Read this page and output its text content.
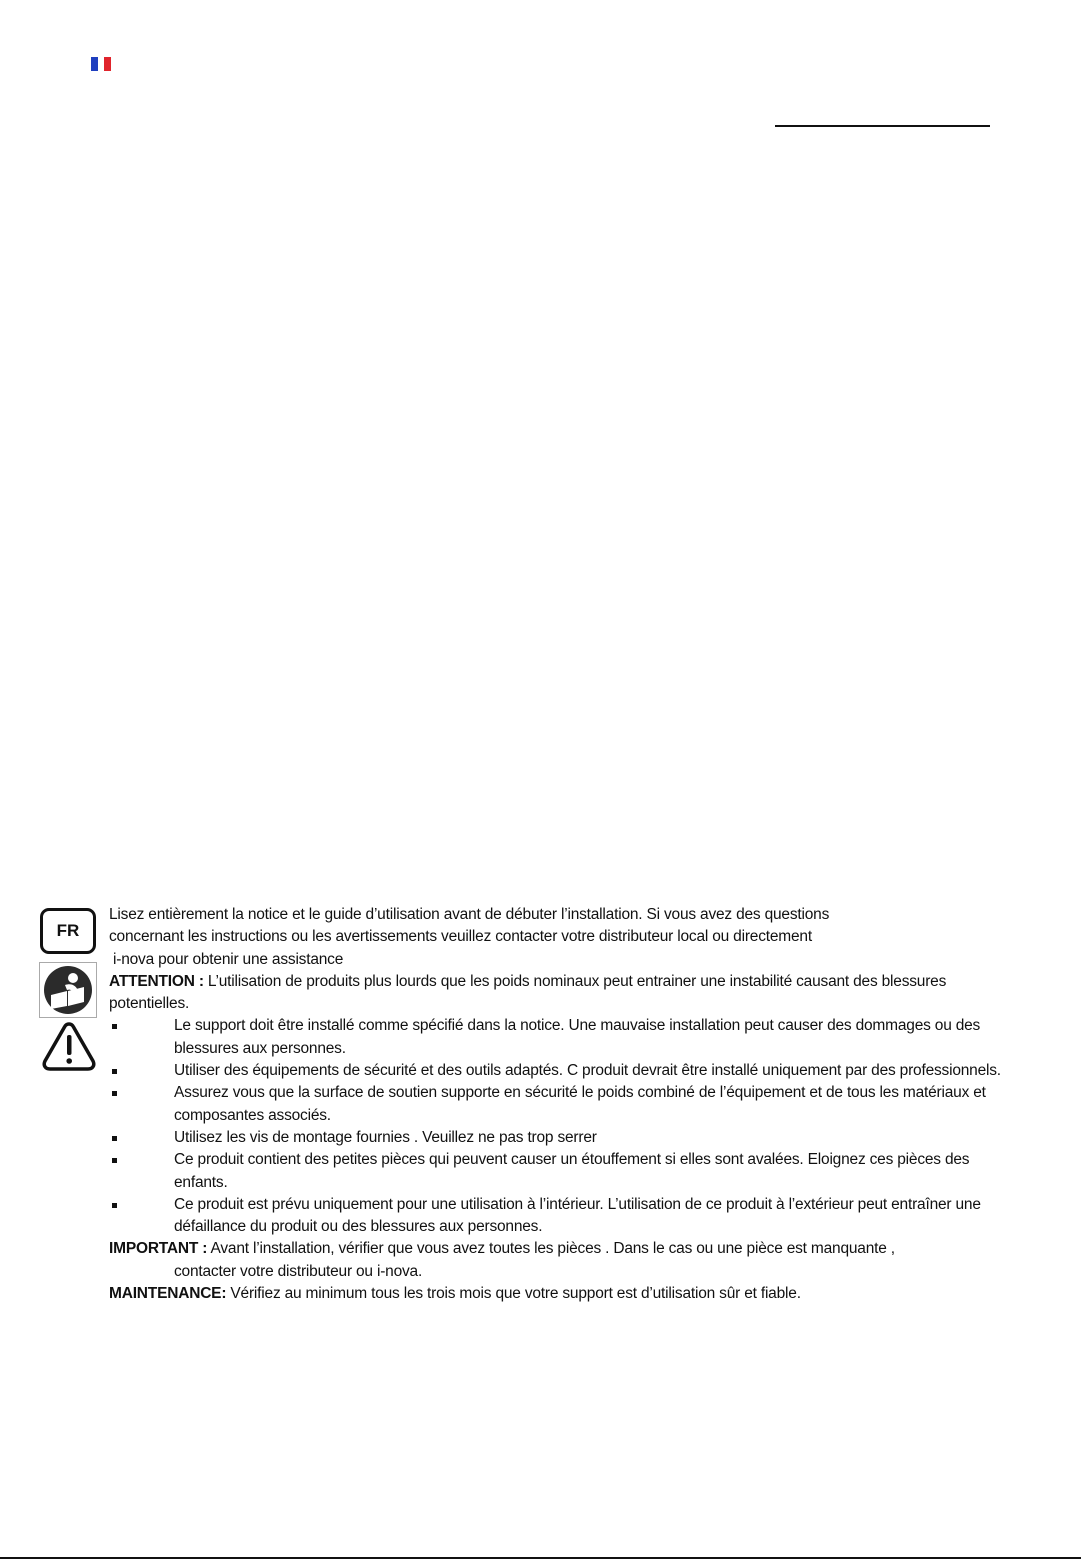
FR

Lisez entièrement la notice et le guide d’utilisation avant de débuter l’installation. Si vous avez des questions

concernant les instructions ou les avertissements veuillez contacter votre distributeur local ou directement

i-nova pour obtenir une assistance

ATTENTION : L’utilisation de produits plus lourds que les poids nominaux peut entrainer une instabilité causant des blessures potentielles.

Le support doit être installé comme spécifié dans la notice. Une mauvaise installation peut causer des dommages ou des blessures aux personnes.
Utiliser des équipements de sécurité et des outils adaptés. C produit devrait être installé uniquement par des professionnels.
Assurez vous que la surface de soutien supporte en sécurité le poids combiné de l’équipement et de tous les matériaux et composantes associés.
Utilisez les vis de montage fournies . Veuillez ne pas trop serrer
Ce produit contient des petites pièces qui peuvent causer un étouffement si elles sont avalées. Eloignez ces pièces des enfants.
Ce produit est prévu uniquement pour une utilisation à l’intérieur. L’utilisation de ce produit à l’extérieur peut entraîner une défaillance du produit ou des blessures aux personnes.

IMPORTANT : Avant l’installation, vérifier que vous avez toutes les pièces . Dans le cas ou une pièce est manquante ,

contacter votre distributeur ou i-nova.

MAINTENANCE: Vérifiez au minimum tous les trois mois que votre support est d’utilisation sûr et fiable.
